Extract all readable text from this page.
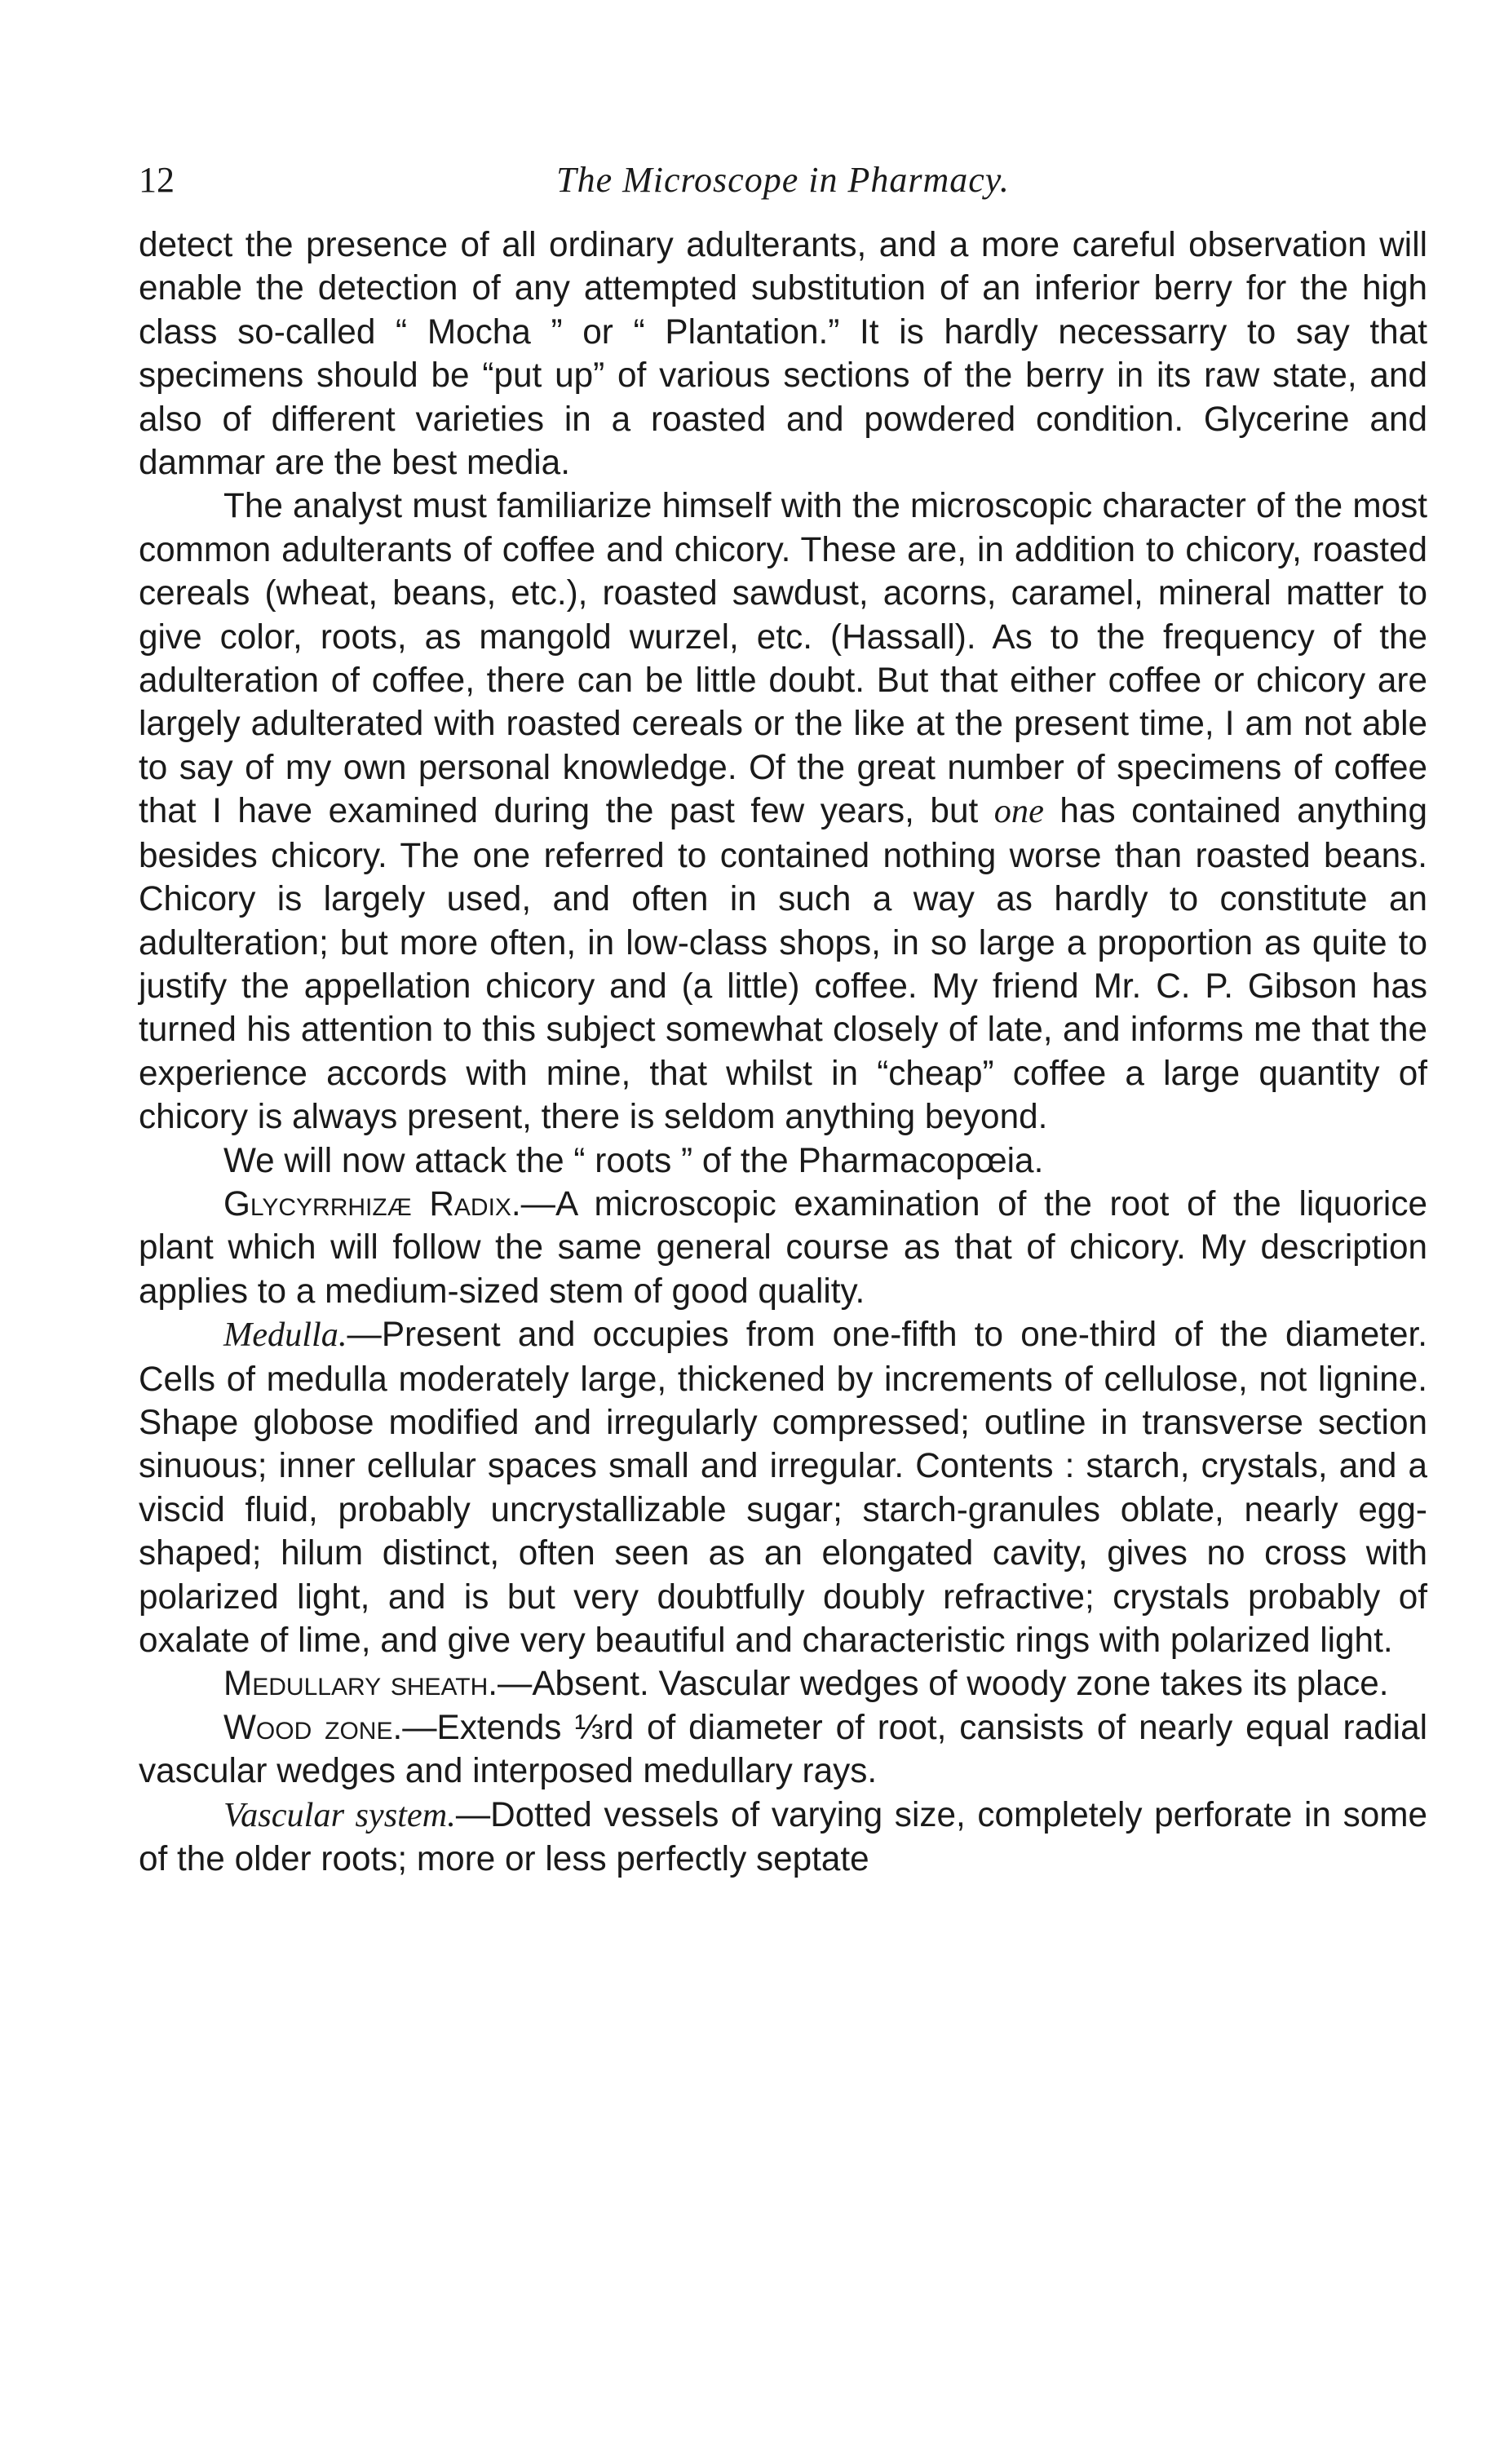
12	The Microscope in Pharmacy.

detect the presence of all ordinary adulterants, and a more careful observation will enable the detection of any attempted substitution of an inferior berry for the high class so-called “ Mocha ” or “ Plantation.” It is hardly necessarry to say that specimens should be “put up” of various sections of the berry in its raw state, and also of different varieties in a roasted and powdered condition. Glycerine and dammar are the best media.

The analyst must familiarize himself with the microscopic character of the most common adulterants of coffee and chicory. These are, in addition to chicory, roasted cereals (wheat, beans, etc.), roasted sawdust, acorns, caramel, mineral matter to give color, roots, as mangold wurzel, etc. (Hassall). As to the frequency of the adulteration of coffee, there can be little doubt. But that either coffee or chicory are largely adulterated with roasted cereals or the like at the present time, I am not able to say of my own personal knowledge. Of the great number of specimens of coffee that I have examined during the past few years, but one has contained anything besides chicory. The one referred to contained nothing worse than roasted beans. Chicory is largely used, and often in such a way as hardly to constitute an adulteration; but more often, in low-class shops, in so large a proportion as quite to justify the appellation chicory and (a little) coffee. My friend Mr. C. P. Gibson has turned his attention to this subject somewhat closely of late, and informs me that the experience accords with mine, that whilst in “cheap” coffee a large quantity of chicory is always present, there is seldom anything beyond.

We will now attack the “ roots ” of the Pharmacopœia.

Glycyrrhizæ Radix.—A microscopic examination of the root of the liquorice plant which will follow the same general course as that of chicory. My description applies to a medium-sized stem of good quality.

Medulla.—Present and occupies from one-fifth to one-third of the diameter. Cells of medulla moderately large, thickened by increments of cellulose, not lignine. Shape globose modified and irregularly compressed; outline in transverse section sinuous; inner cellular spaces small and irregular. Contents : starch, crystals, and a viscid fluid, probably uncrystallizable sugar; starch-granules oblate, nearly egg-shaped; hilum distinct, often seen as an elongated cavity, gives no cross with polarized light, and is but very doubtfully doubly refractive; crystals probably of oxalate of lime, and give very beautiful and characteristic rings with polarized light.

Medullary sheath.—Absent. Vascular wedges of woody zone takes its place.

Wood zone.—Extends ⅓rd of diameter of root, cansists of nearly equal radial vascular wedges and interposed medullary rays.

Vascular system.—Dotted vessels of varying size, completely perforate in some of the older roots; more or less perfectly septate
